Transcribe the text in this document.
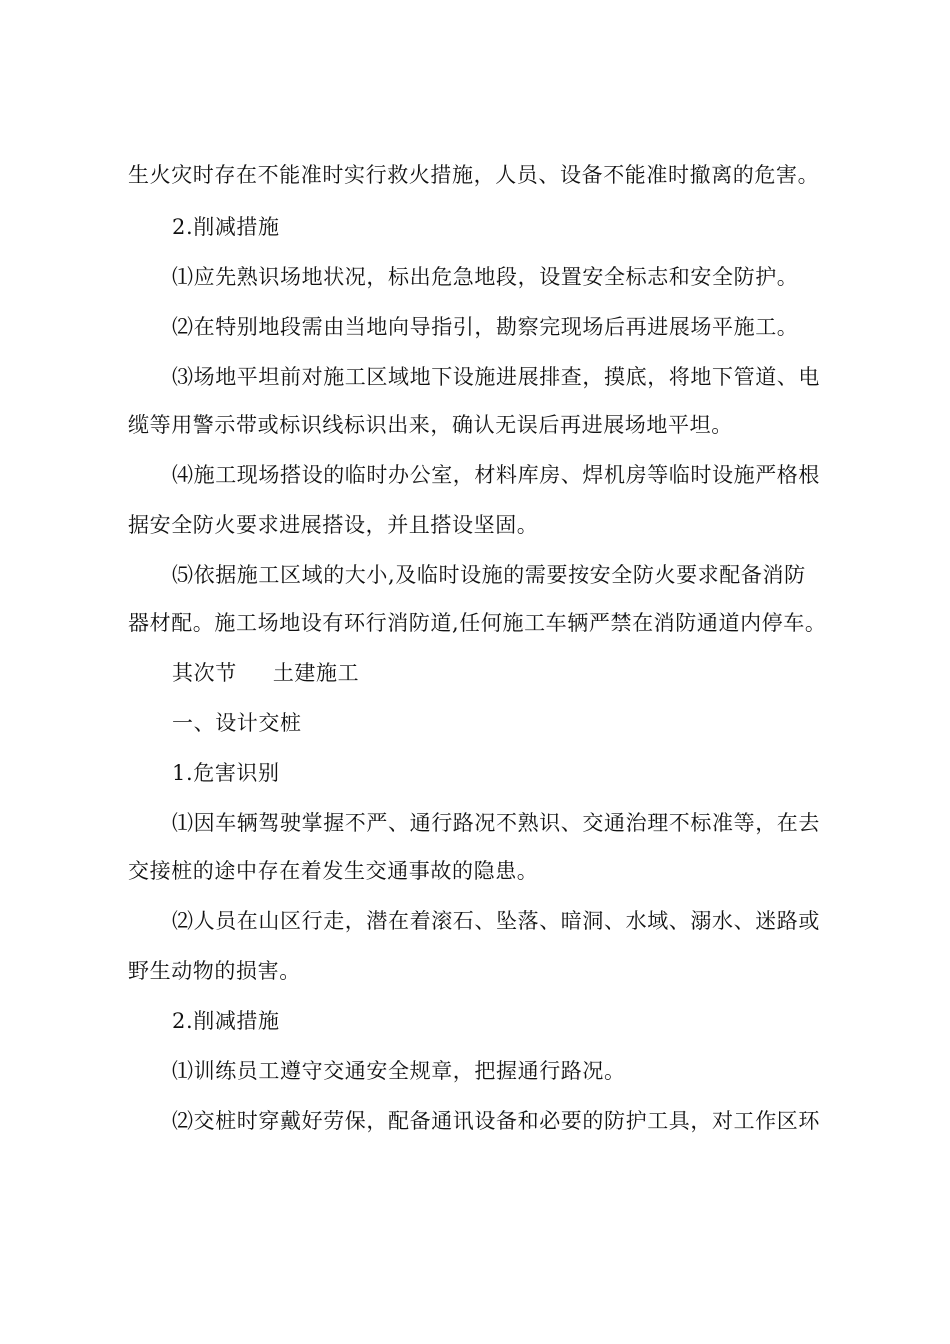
生火灾时存在不能准时实行救火措施，人员、设备不能准时撤离的危害。
2.削减措施
⑴应先熟识场地状况，标出危急地段，设置安全标志和安全防护。
⑵在特别地段需由当地向导指引，勘察完现场后再进展场平施工。
⑶场地平坦前对施工区域地下设施进展排查，摸底，将地下管道、电
缆等用警示带或标识线标识出来，确认无误后再进展场地平坦。
⑷施工现场搭设的临时办公室，材料库房、焊机房等临时设施严格根
据安全防火要求进展搭设，并且搭设坚固。
⑸依据施工区域的大小,及临时设施的需要按安全防火要求配备消防
器材配。施工场地设有环行消防道,任何施工车辆严禁在消防通道内停车。
其次节 土建施工
一、设计交桩
1.危害识别
⑴因车辆驾驶掌握不严、通行路况不熟识、交通治理不标准等，在去
交接桩的途中存在着发生交通事故的隐患。
⑵人员在山区行走，潜在着滚石、坠落、暗洞、水域、溺水、迷路或
野生动物的损害。
2.削减措施
⑴训练员工遵守交通安全规章，把握通行路况。
⑵交桩时穿戴好劳保，配备通讯设备和必要的防护工具，对工作区环
